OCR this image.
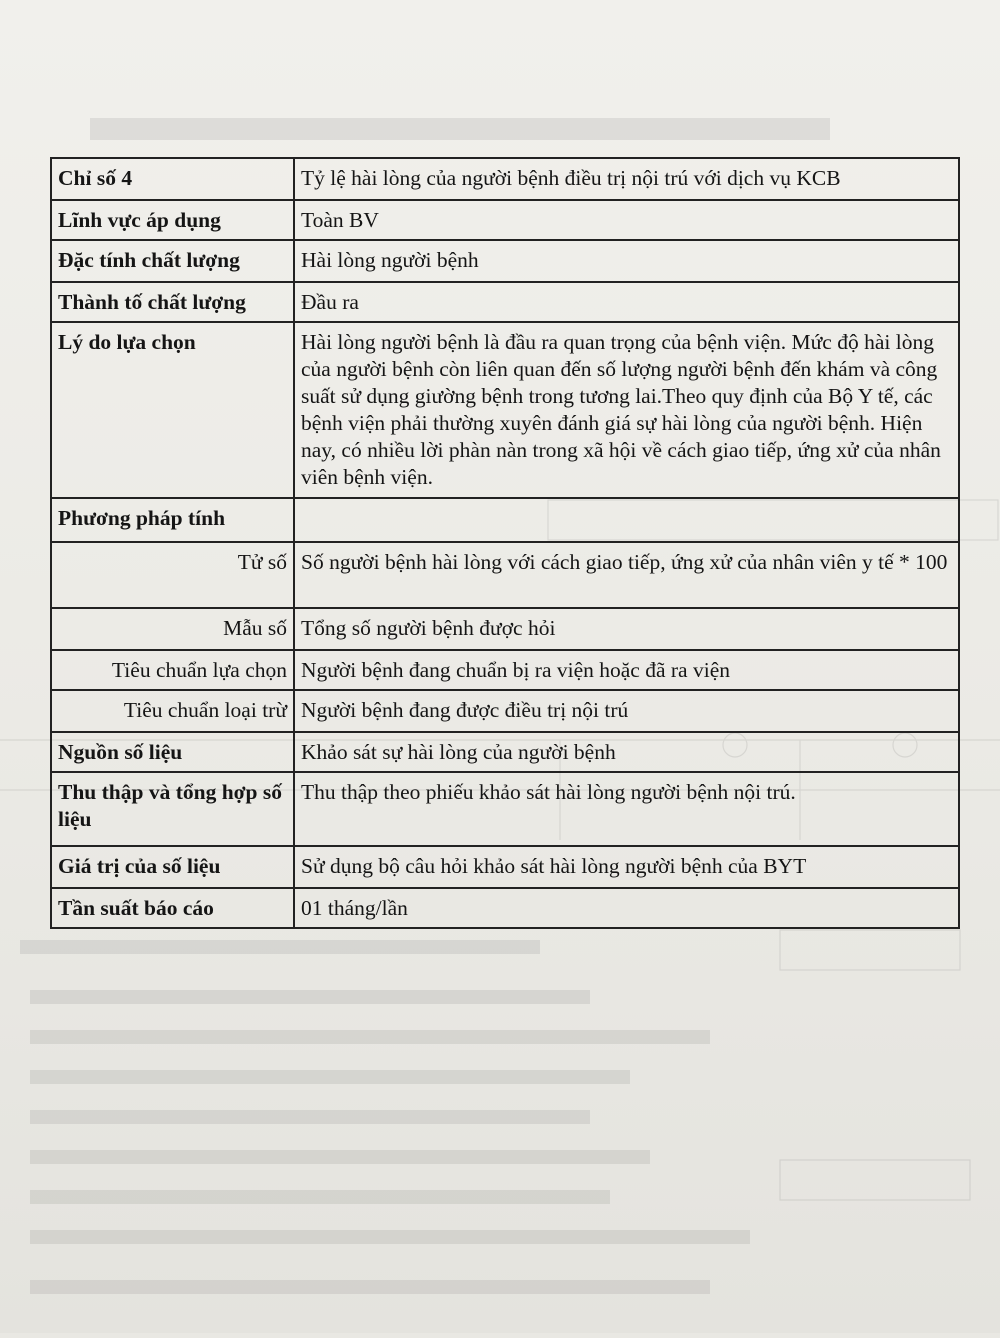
Chỉ số 4	Tỷ lệ hài lòng của người bệnh điều trị nội trú với dịch vụ KCB
Lĩnh vực áp dụng	Toàn BV
Đặc tính chất lượng	Hài lòng người bệnh
Thành tố chất lượng	Đầu ra
Lý do lựa chọn	Hài lòng người bệnh là đầu ra quan trọng của bệnh viện. Mức độ hài lòng của người bệnh còn liên quan đến số lượng người bệnh đến khám và công suất sử dụng giường bệnh trong tương lai.Theo quy định của Bộ Y tế, các bệnh viện phải thường xuyên đánh giá sự hài lòng của người bệnh. Hiện nay, có nhiều lời phàn nàn trong xã hội về cách giao tiếp, ứng xử của nhân viên bệnh viện.
Phương pháp tính	
Tử số	Số người bệnh hài lòng với cách giao tiếp, ứng xử của nhân viên y tế * 100
Mẫu số	Tổng số người bệnh được hỏi
Tiêu chuẩn lựa chọn	Người bệnh đang chuẩn bị ra viện hoặc đã ra viện
Tiêu chuẩn loại trừ	Người bệnh đang được điều trị nội trú
Nguồn số liệu	Khảo sát sự hài lòng của người bệnh
Thu thập và tổng hợp số liệu	Thu thập theo phiếu khảo sát hài lòng người bệnh nội trú.
Giá trị của số liệu	Sử dụng bộ câu hỏi khảo sát hài lòng người bệnh của BYT
Tần suất báo cáo	01 tháng/lần
